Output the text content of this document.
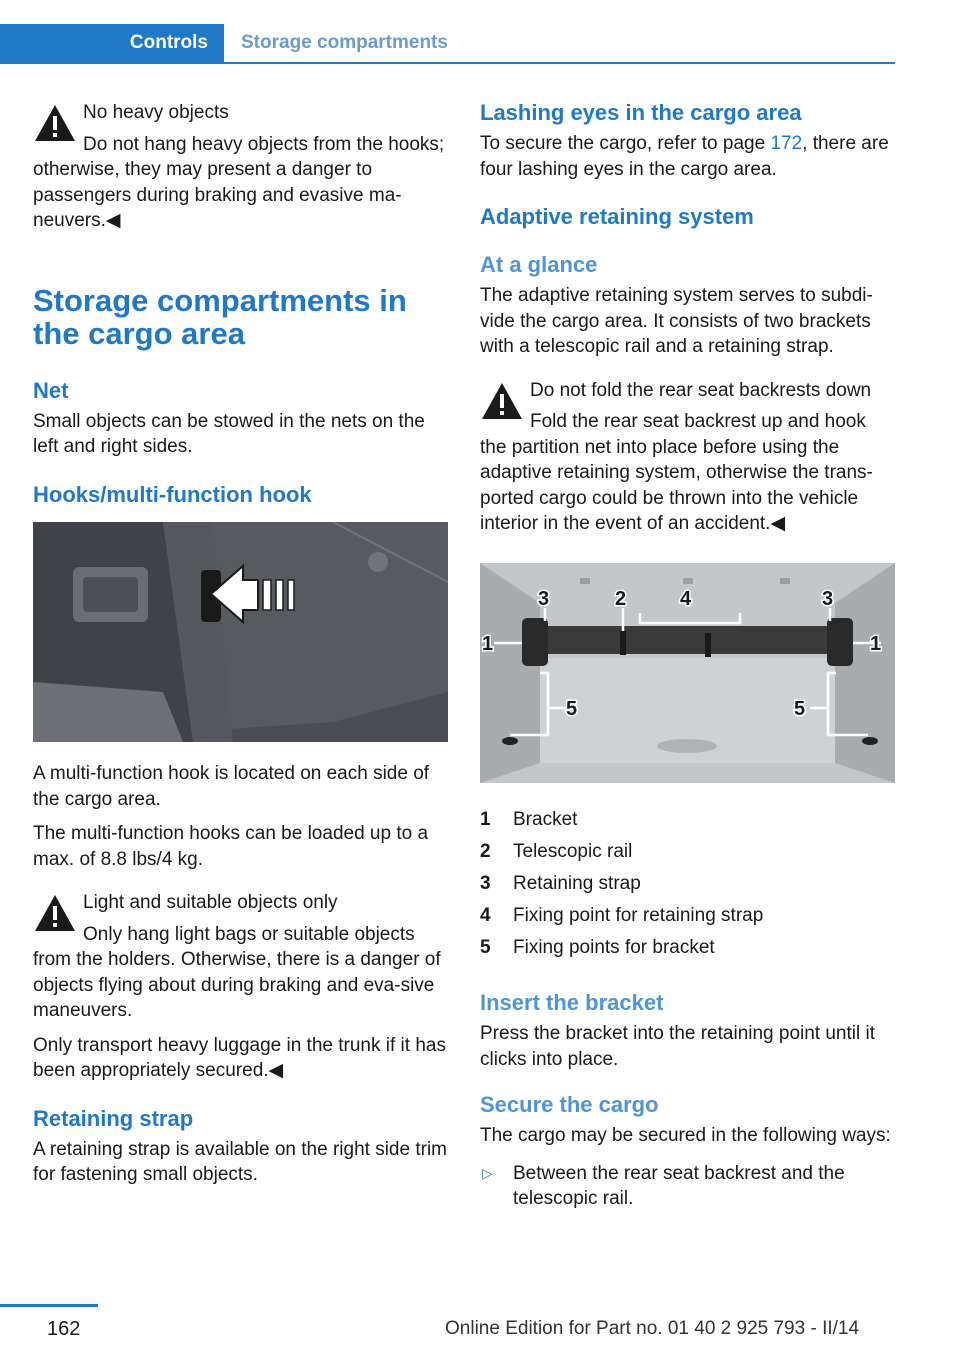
Controls	Storage compartments
No heavy objects

Do not hang heavy objects from the hooks; otherwise, they may present a danger to passengers during braking and evasive ma‐neuvers.◀

Storage compartments in the cargo area
Net

Small objects can be stowed in the nets on the left and right sides.

Hooks/multi-function hook

A multi-function hook is located on each side of the cargo area.

The multi-function hooks can be loaded up to a max. of 8.8 lbs/4 kg.

Light and suitable objects only

Only hang light bags or suitable objects from the holders. Otherwise, there is a danger of objects flying about during braking and eva‐sive maneuvers.

Only transport heavy luggage in the trunk if it has been appropriately secured.◀

Retaining strap

A retaining strap is available on the right side trim for fastening small objects.

Lashing eyes in the cargo area

To secure the cargo, refer to page 172, there are four lashing eyes in the cargo area.

Adaptive retaining system
At a glance

The adaptive retaining system serves to subdi‐vide the cargo area. It consists of two brackets with a telescopic rail and a retaining strap.

Do not fold the rear seat backrests down

Fold the rear seat backrest up and hook the partition net into place before using the adaptive retaining system, otherwise the trans‐ported cargo could be thrown into the vehicle interior in the event of an accident.◀

1	1
2
3	3
4
5	5
1 Bracket
2 Telescopic rail
3 Retaining strap
4 Fixing point for retaining strap
5 Fixing points for bracket
Insert the bracket

Press the bracket into the retaining point until it clicks into place.

Secure the cargo

The cargo may be secured in the following ways:

▷ Between the rear seat backrest and the telescopic rail.
162	Online Edition for Part no. 01 40 2 925 793 - II/14
